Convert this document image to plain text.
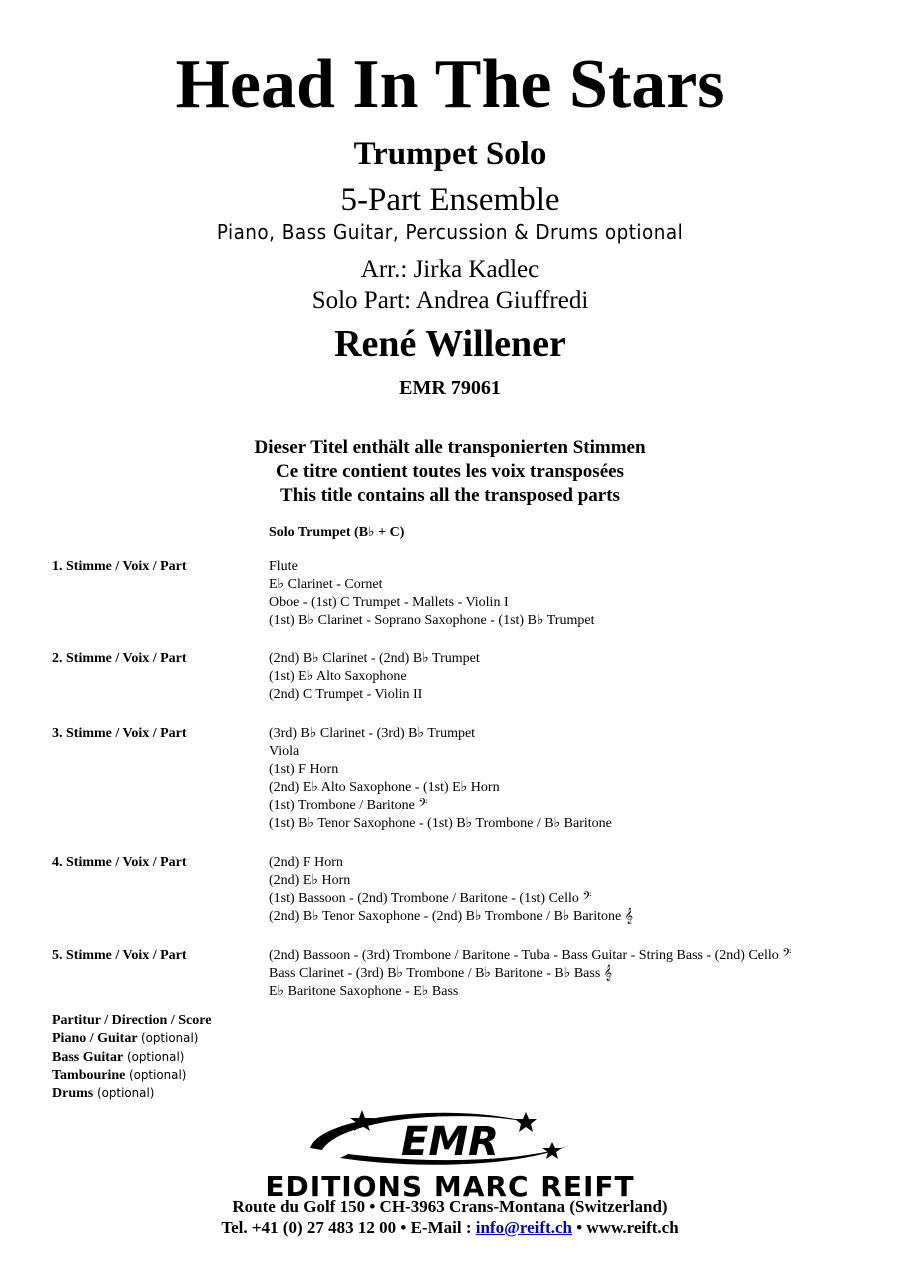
Head In The Stars
Trumpet Solo
5-Part Ensemble
Piano, Bass Guitar, Percussion & Drums optional
Arr.: Jirka Kadlec
Solo Part: Andrea Giuffredi
René Willener
EMR 79061
Dieser Titel enthält alle transponierten Stimmen
Ce titre contient toutes les voix transposées
This title contains all the transposed parts
Solo Trumpet (B♭ + C)
1. Stimme / Voix / Part	Flute
E♭ Clarinet - Cornet
Oboe - (1st) C Trumpet - Mallets - Violin I
(1st) B♭ Clarinet - Soprano Saxophone - (1st) B♭ Trumpet
2. Stimme / Voix / Part	(2nd) B♭ Clarinet - (2nd) B♭ Trumpet
(1st) E♭ Alto Saxophone
(2nd) C Trumpet - Violin II
3. Stimme / Voix / Part	(3rd) B♭ Clarinet - (3rd) B♭ Trumpet
Viola
(1st) F Horn
(2nd) E♭ Alto Saxophone - (1st) E♭ Horn
(1st) Trombone / Baritone 𝄢
(1st) B♭ Tenor Saxophone - (1st) B♭ Trombone / B♭ Baritone
4. Stimme / Voix / Part	(2nd) F Horn
(2nd) E♭ Horn
(1st) Bassoon - (2nd) Trombone / Baritone - (1st) Cello 𝄢
(2nd) B♭ Tenor Saxophone - (2nd) B♭ Trombone / B♭ Baritone 𝄞
5. Stimme / Voix / Part	(2nd) Bassoon - (3rd) Trombone / Baritone - Tuba - Bass Guitar - String Bass - (2nd) Cello 𝄢
Bass Clarinet - (3rd) B♭ Trombone / B♭ Baritone - B♭ Bass 𝄞
E♭ Baritone Saxophone - E♭ Bass
Partitur / Direction / Score
Piano / Guitar (optional)
Bass Guitar (optional)
Tambourine (optional)
Drums (optional)
EMR
EDITIONS MARC REIFT
Route du Golf 150 • CH-3963 Crans-Montana (Switzerland)
Tel. +41 (0) 27 483 12 00 • E-Mail : info@reift.ch • www.reift.ch
